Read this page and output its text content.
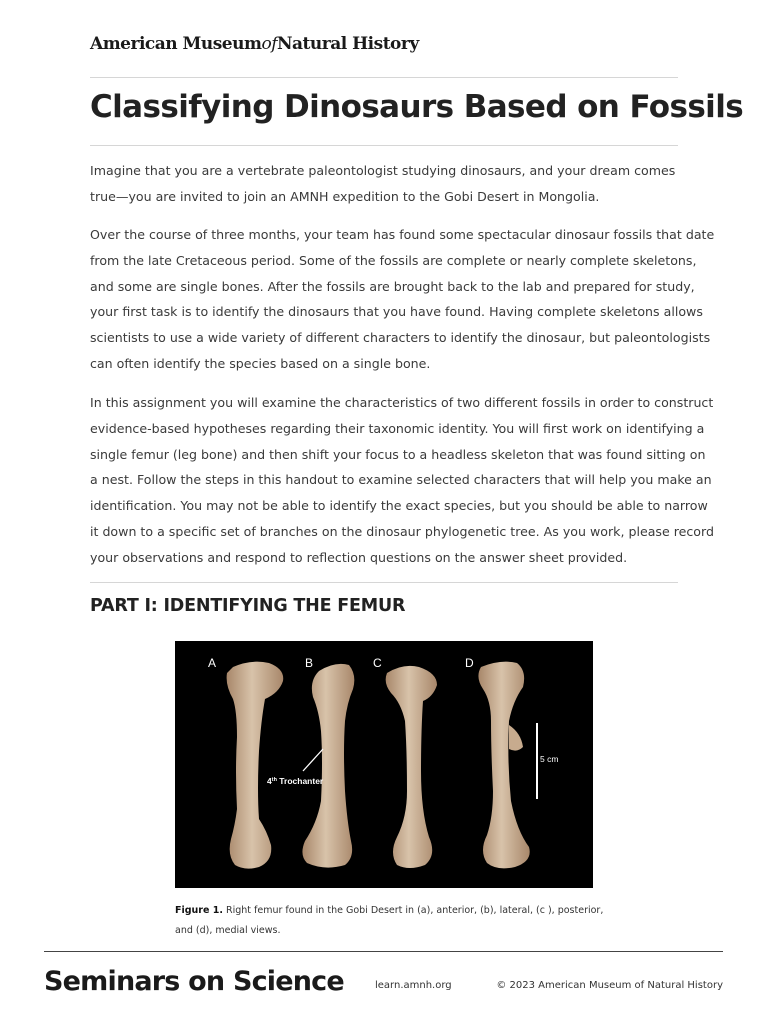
American MuseumofNatural History
Classifying Dinosaurs Based on Fossils

Imagine that you are a vertebrate paleontologist studying dinosaurs, and your dream comes
true—you are invited to join an AMNH expedition to the Gobi Desert in Mongolia.

Over the course of three months, your team has found some spectacular dinosaur fossils that date
from the late Cretaceous period. Some of the fossils are complete or nearly complete skeletons,
and some are single bones. After the fossils are brought back to the lab and prepared for study,
your first task is to identify the dinosaurs that you have found. Having complete skeletons allows
scientists to use a wide variety of different characters to identify the dinosaur, but paleontologists
can often identify the species based on a single bone.

In this assignment you will examine the characteristics of two different fossils in order to construct
evidence-based hypotheses regarding their taxonomic identity. You will first work on identifying a
single femur (leg bone) and then shift your focus to a headless skeleton that was found sitting on
a nest. Follow the steps in this handout to examine selected characters that will help you make an
identification. You may not be able to identify the exact species, but you should be able to narrow
it down to a specific set of branches on the dinosaur phylogenetic tree. As you work, please record
your observations and respond to reflection questions on the answer sheet provided.

PART I: IDENTIFYING THE FEMUR
A	B	C	D
4th Trochanter
5 cm

Figure 1. Right femur found in the Gobi Desert in (a), anterior, (b), lateral, (c ), posterior,
and (d), medial views.

Seminars on Science	learn.amnh.org	© 2023 American Museum of Natural History
